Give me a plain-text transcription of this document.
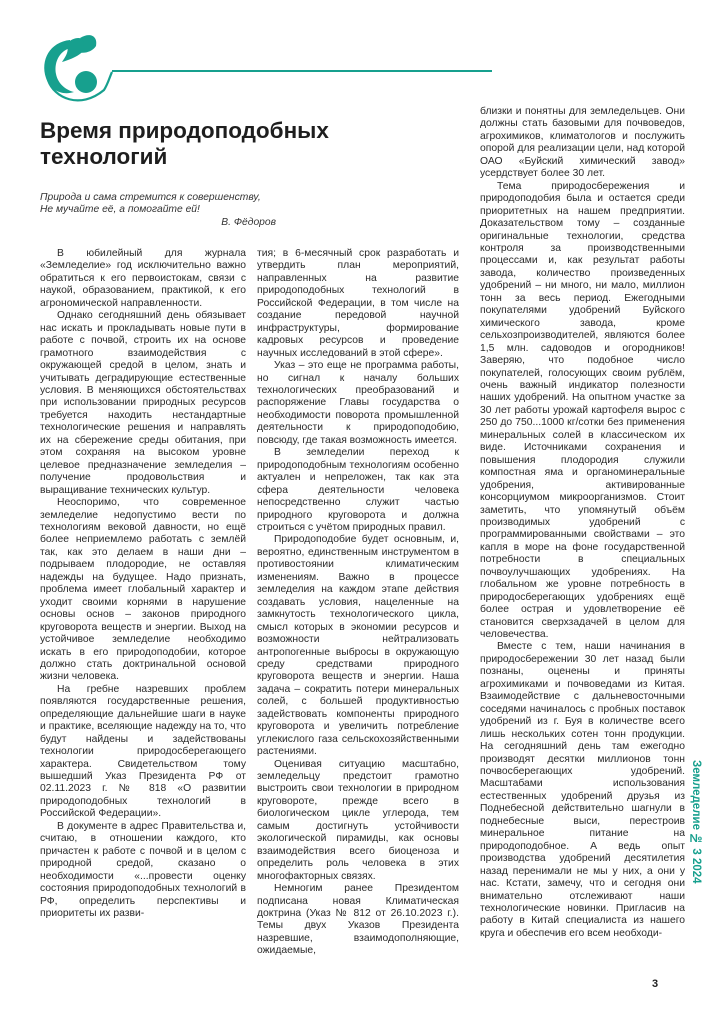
Время природоподобных
технологий
Природа и сама стремится к совершенству,
Не мучайте её, а помогайте ей!
В. Фёдоров

В юбилейный для журнала «Земледелие» год исключительно важно обратиться к его первоистокам, связи с наукой, образованием, практикой, к его агрономической направленности.

Однако сегодняшний день обязывает нас искать и прокладывать новые пути в работе с почвой, строить их на основе грамотного взаимодействия с окружающей средой в целом, знать и учитывать деградирующие естественные условия. В меняющихся обстоятельствах при использовании природных ресурсов требуется находить нестандартные технологические решения и направлять их на сбережение среды обитания, при этом сохраняя на высоком уровне целевое предназначение земледелия – получение продовольствия и выращивание технических культур.

Неоспоримо, что современное земледелие недопустимо вести по технологиям вековой давности, но ещё более неприемлемо работать с землёй так, как это делаем в наши дни – подрываем плодородие, не оставляя надежды на будущее. Надо признать, проблема имеет глобальный характер и уходит своими корнями в нарушение основы основ – законов природного круговорота веществ и энергии. Выход на устойчивое земледелие необходимо искать в его природоподобии, которое должно стать доктринальной основой жизни человека.

На гребне назревших проблем появляются государственные решения, определяющие дальнейшие шаги в науке и практике, вселяющие надежду на то, что будут найдены и задействованы технологии природосберегающего характера. Свидетельством тому вышедший Указ Президента РФ от 02.11.2023 г. № 818 «О развитии природоподобных технологий в Российской Федерации».

В документе в адрес Правительства и, считаю, в отношении каждого, кто причастен к работе с почвой и в целом с природной средой, сказано о необходимости «...провести оценку состояния природоподобных технологий в РФ, определить перспективы и приоритеты их разви-

тия; в 6-месячный срок разработать и утвердить план мероприятий, направленных на развитие природоподобных технологий в Российской Федерации, в том числе на создание передовой научной инфраструктуры, формирование кадровых ресурсов и проведение научных исследований в этой сфере».

Указ – это еще не программа работы, но сигнал к началу больших технологических преобразований и распоряжение Главы государства о необходимости поворота промышленной деятельности к природоподобию, повсюду, где такая возможность имеется.

В земледелии переход к природоподобным технологиям особенно актуален и непреложен, так как эта сфера деятельности человека непосредственно служит частью природного круговорота и должна строиться с учётом природных правил.

Природоподобие будет основным, и, вероятно, единственным инструментом в противостоянии климатическим изменениям. Важно в процессе земледелия на каждом этапе действия создавать условия, нацеленные на замкнутость технологического цикла, смысл которых в экономии ресурсов и возможности нейтрализовать антропогенные выбросы в окружающую среду средствами природного круговорота веществ и энергии. Наша задача – сократить потери минеральных солей, с большей продуктивностью задействовать компоненты природного круговорота и увеличить потребление углекислого газа сельскохозяйственными растениями.

Оценивая ситуацию масштабно, земледельцу предстоит грамотно выстроить свои технологии в природном круговороте, прежде всего в биологическом цикле углерода, тем самым достигнуть устойчивости экологической пирамиды, как основы взаимодействия всего биоценоза и определить роль человека в этих многофакторных связях.

Немногим ранее Президентом подписана новая Климатическая доктрина (Указ № 812 от 26.10.2023 г.). Темы двух Указов Президента назревшие, взаимодополняющие, ожидаемые,

близки и понятны для земледельцев. Они должны стать базовыми для почвоведов, агрохимиков, климатологов и послужить опорой для реализации цели, над которой ОАО «Буйский химический завод» усердствует более 30 лет.

Тема природосбережения и природоподобия была и остается среди приоритетных на нашем предприятии. Доказательством тому – созданные оригинальные технологии, средства контроля за производственными процессами и, как результат работы завода, количество произведенных удобрений – ни много, ни мало, миллион тонн за весь период. Ежегодными покупателями удобрений Буйского химического завода, кроме сельхозпроизводителей, являются более 1,5 млн. садоводов и огородников! Заверяю, что подобное число покупателей, голосующих своим рублём, очень важный индикатор полезности наших удобрений. На опытном участке за 30 лет работы урожай картофеля вырос с 250 до 750...1000 кг/сотки без применения минеральных солей в классическом их виде. Источниками сохранения и повышения плодородия служили компостная яма и органоминеральные удобрения, активированные консорциумом микроорганизмов. Стоит заметить, что упомянутый объём производимых удобрений с программированными свойствами – это капля в море на фоне государственной потребности в специальных почвоулучшающих удобрениях. На глобальном же уровне потребность в природосберегающих удобрениях ещё более острая и удовлетворение её становится сверхзадачей в целом для человечества.

Вместе с тем, наши начинания в природосбережении 30 лет назад были познаны, оценены и приняты агрохимиками и почвоведами из Китая. Взаимодействие с дальневосточными соседями начиналось с пробных поставок удобрений из г. Буя в количестве всего лишь нескольких сотен тонн продукции. На сегодняшний день там ежегодно производят десятки миллионов тонн почвосберегающих удобрений. Масштабами использования естественных удобрений друзья из Поднебесной действительно шагнули в поднебесные выси, перестроив минеральное питание на природоподобное. А ведь опыт производства удобрений десятилетия назад перенимали не мы у них, а они у нас. Кстати, замечу, что и сегодня они внимательно отслеживают наши технологические новинки. Пригласив на работу в Китай специалиста из нашего круга и обеспечив его всем необходи-

Земледелие № 3 2024
3
